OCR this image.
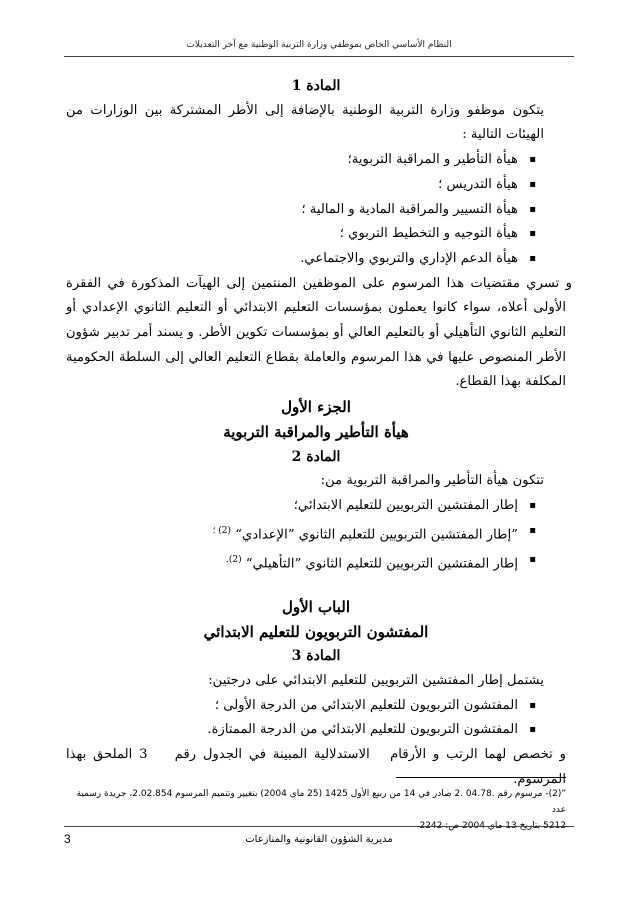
النظام الأساسي الخاص بموظفي وزارة التربية الوطنية مع آخر التعديلات
المادة 1

يتكون موظفو وزارة التربية الوطنية بالإضافة إلى الأطر المشتركة بين الوزارات من الهيئات التالية :

▪ هيأة التأطير و المراقبة التربوية؛
▪ هيأة التدريس ؛
▪ هيأة التسيير والمراقبة المادية و المالية ؛
▪ هيأة التوجيه و التخطيط التربوي ؛
▪ هيأة الدعم الإداري والتربوي والاجتماعي.

و تسري مقتضيات هذا المرسوم على الموظفين المنتمين إلى الهيآت المذكورة في الفقرة الأولى أعلاه، سواء كانوا يعملون بمؤسسات التعليم الابتدائي أو التعليم الثانوي الإعدادي أو التعليم الثانوي التأهيلي أو بالتعليم العالي أو بمؤسسات تكوين الأطر. و يسند أمر تدبير شؤون الأطر المنصوص عليها في هذا المرسوم والعاملة بقطاع التعليم العالي إلى السلطة الحكومية المكلفة بهذا القطاع.

الجزء الأول
هيأة التأطير والمراقبة التربوية
المادة 2

تتكون هيأة التأطير والمراقبة التربوية من:

▪ إطار المفتشين التربويين للتعليم الابتدائي؛
▪ ”إطار المفتشين التربويين للتعليم الثانوي ”الإعدادي“ $^{(2) ؛}$
▪ إطار المفتشين التربويين للتعليم الثانوي ”التأهيلي“ $^{(2).}$
الباب الأول
المفتشون التربويون للتعليم الابتدائي
المادة 3

يشتمل إطار المفتشين التربويين للتعليم الابتدائي على درجتين:

▪ المفتشون التربويون للتعليم الابتدائي من الدرجة الأولى ؛
▪ المفتشون التربويون للتعليم الابتدائي من الدرجة الممتازة.

و تخصص لهما الرتب و الأرقام   الاستدلالية المبينة في الجدول رقم    3 الملحق بهذا المرسوم.

”(2)- مرسوم رقم .04.78 .2 صادر في 14 من ربيع الأول 1425 (25 ماي 2004) بتغيير وتتميم المرسوم 2.02.854، جريدة رسمية عدد
5212 بتاريخ 13 ماي 2004 ص: 2242
مديرية الشؤون القانونية والمنازعات
3
